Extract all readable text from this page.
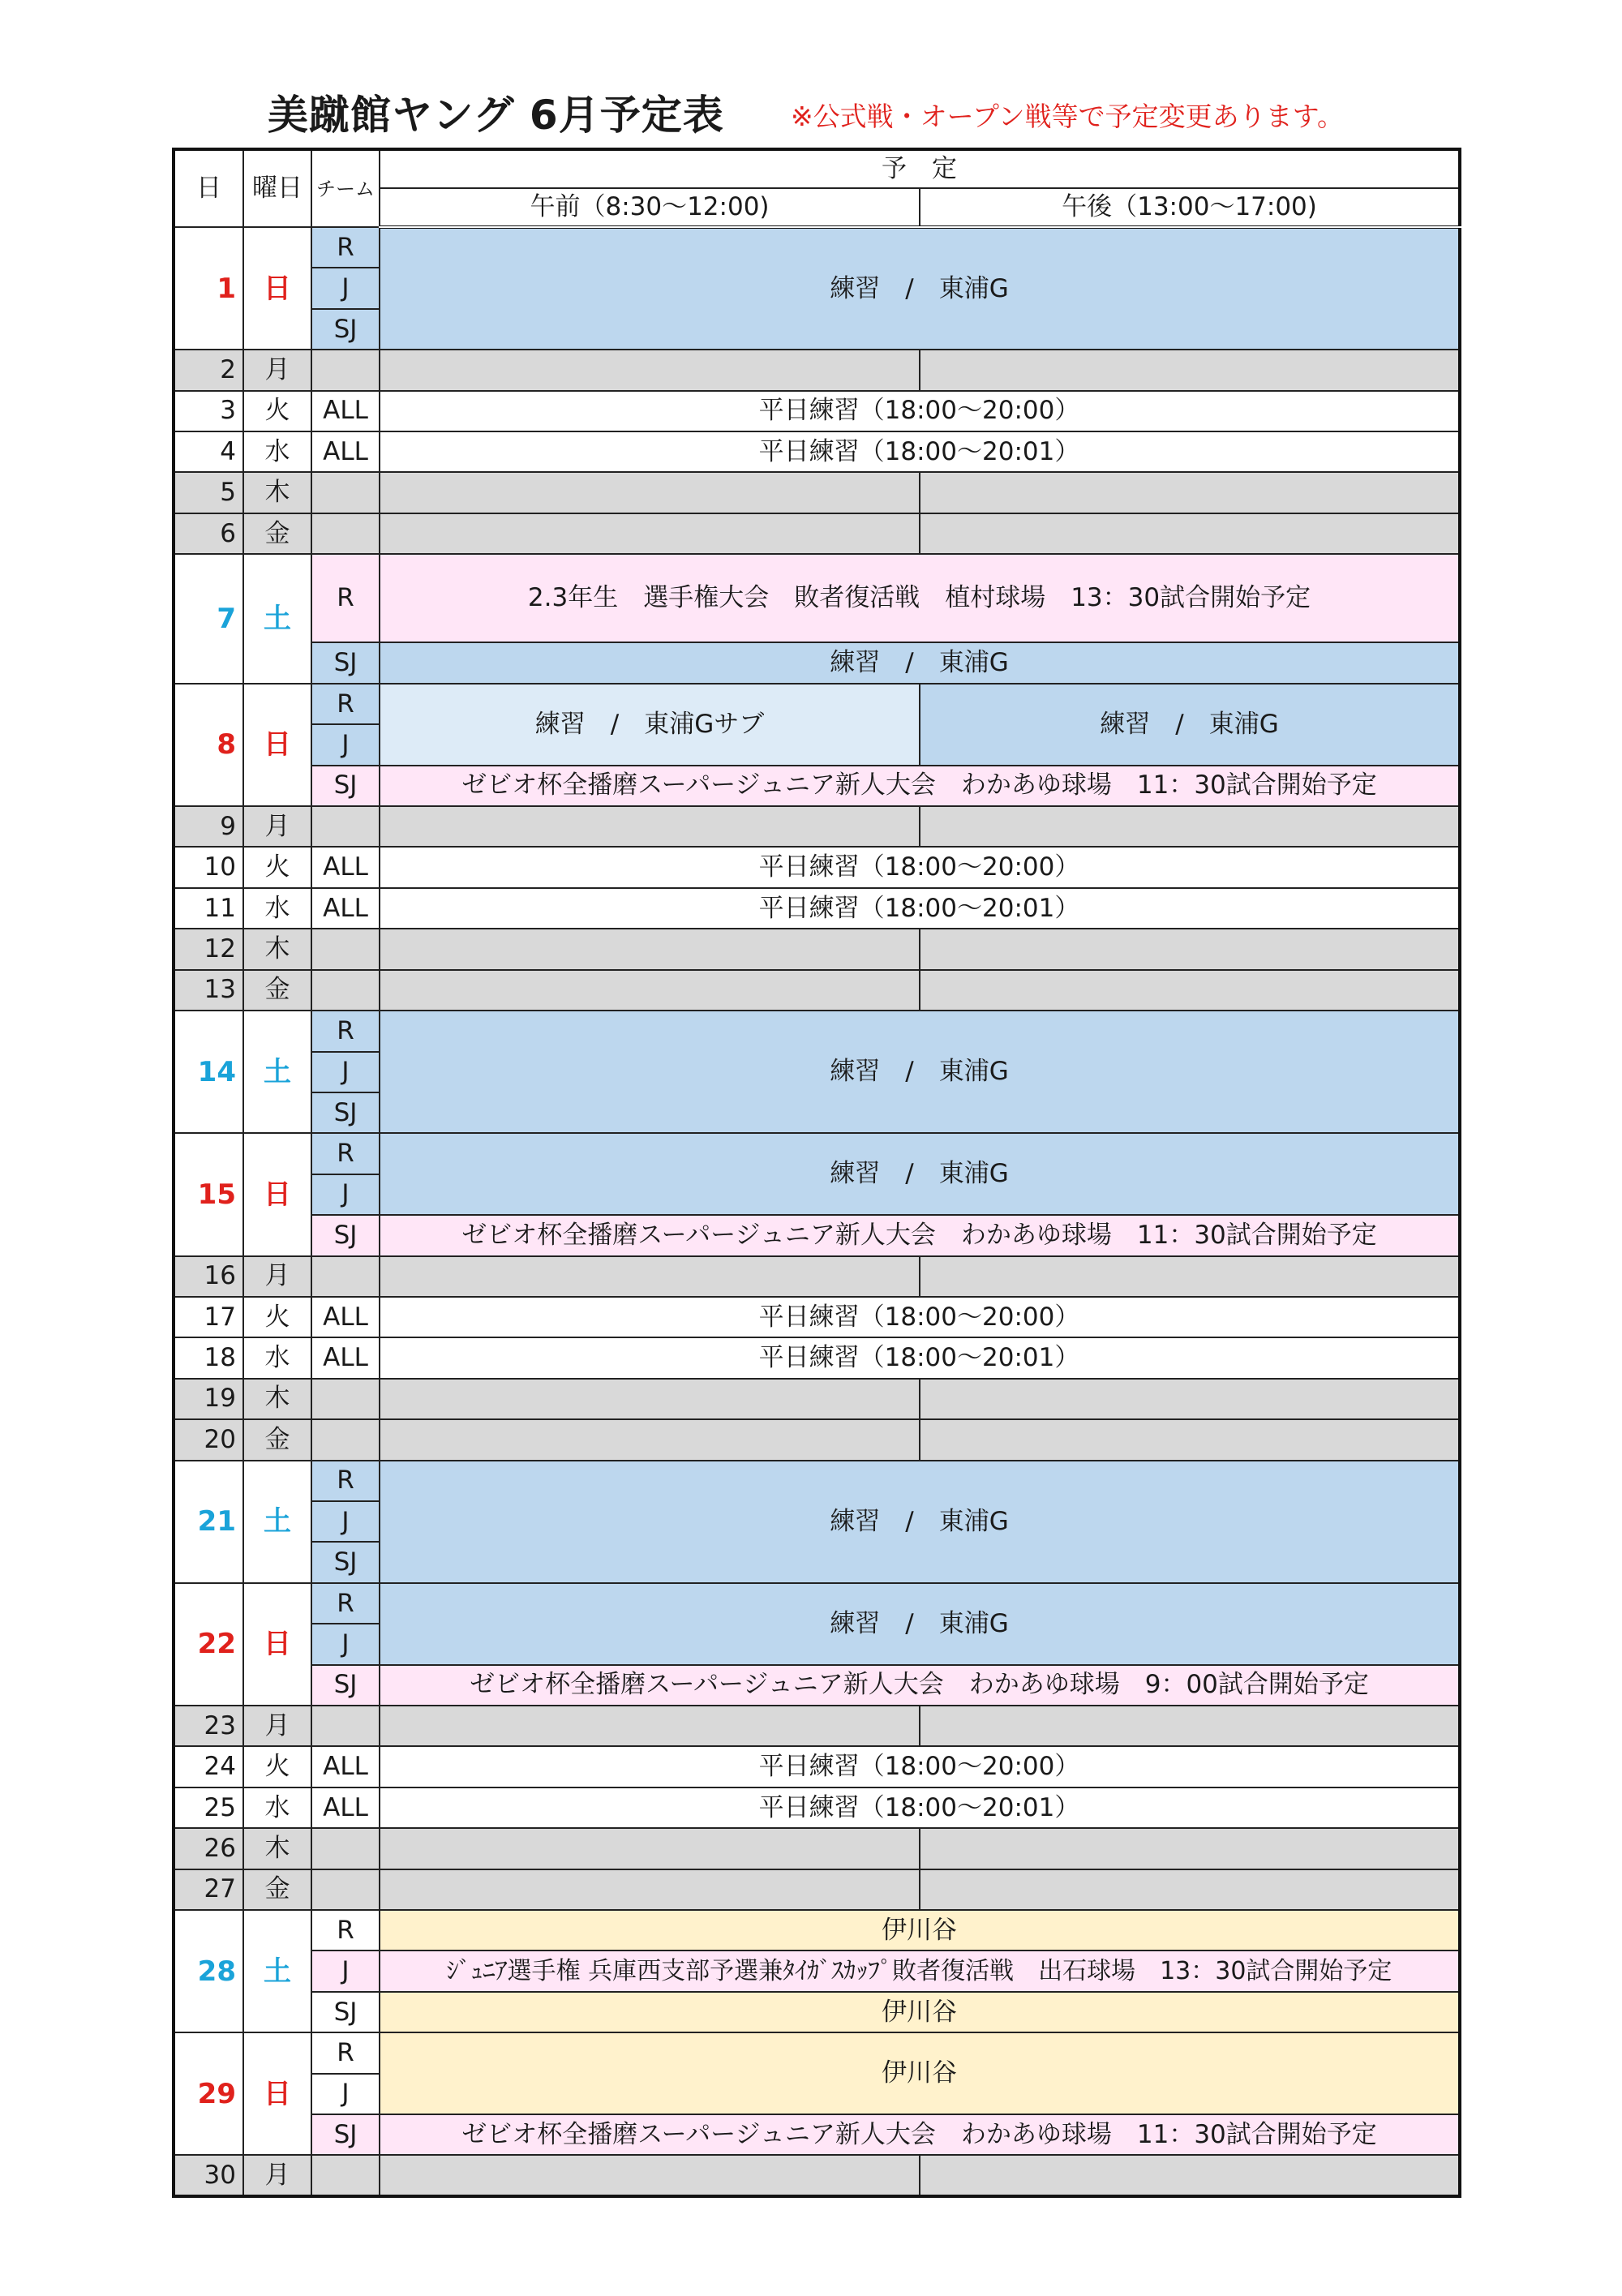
美蹴館ヤング 6月予定表 ※公式戦・オープン戦等で予定変更あります。
日	曜日	チーム	予　定	
			午前（8:30～12:00)	午後（13:00～17:00)
1	日	R	練習　/　東浦G	
		J		
		SJ		
2	月			
3	火	ALL	平日練習（18:00～20:00）	
4	水	ALL	平日練習（18:00～20:01）	
5	木			
6	金			
7	土	R	2.3年生　選手権大会　敗者復活戦　植村球場　13：30試合開始予定	
		SJ	練習　/　東浦G	
8	日	R	練習　/　東浦Gサブ	練習　/　東浦G
		J		
		SJ	ゼビオ杯全播磨スーパージュニア新人大会　わかあゆ球場　11：30試合開始予定	
9	月			
10	火	ALL	平日練習（18:00～20:00）	
11	水	ALL	平日練習（18:00～20:01）	
12	木			
13	金			
14	土	R	練習　/　東浦G	
		J		
		SJ		
15	日	R	練習　/　東浦G	
		J		
		SJ	ゼビオ杯全播磨スーパージュニア新人大会　わかあゆ球場　11：30試合開始予定	
16	月			
17	火	ALL	平日練習（18:00～20:00）	
18	水	ALL	平日練習（18:00～20:01）	
19	木			
20	金			
21	土	R	練習　/　東浦G	
		J		
		SJ		
22	日	R	練習　/　東浦G	
		J		
		SJ	ゼビオ杯全播磨スーパージュニア新人大会　わかあゆ球場　9：00試合開始予定	
23	月			
24	火	ALL	平日練習（18:00～20:00）	
25	水	ALL	平日練習（18:00～20:01）	
26	木			
27	金			
28	土	R	伊川谷	
		J	ｼﾞｭﾆｱ選手権 兵庫西支部予選兼ﾀｲｶﾞｽｶｯﾌﾟ敗者復活戦　出石球場　13：30試合開始予定	
		SJ	伊川谷	
29	日	R	伊川谷	
		J		
		SJ	ゼビオ杯全播磨スーパージュニア新人大会　わかあゆ球場　11：30試合開始予定	
30	月			
